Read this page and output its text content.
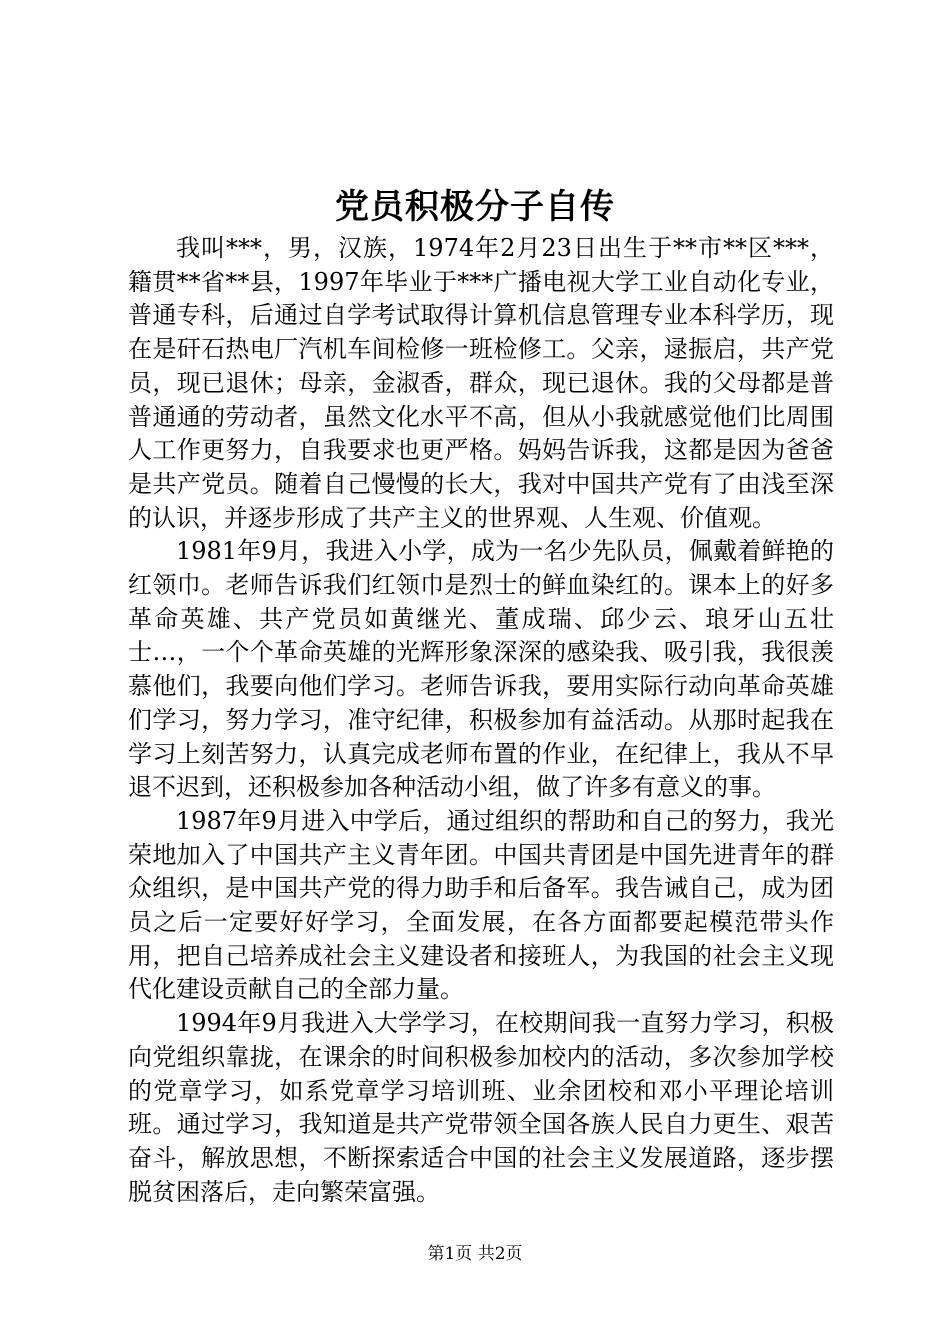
党员积极分子自传

我叫***，男，汉族，1974年2月23日出生于**市**区***，籍贯**省**县，1997年毕业于***广播电视大学工业自动化专业，普通专科，后通过自学考试取得计算机信息管理专业本科学历，现在是矸石热电厂汽机车间检修一班检修工。父亲，逯振启，共产党员，现已退休；母亲，金淑香，群众，现已退休。我的父母都是普普通通的劳动者，虽然文化水平不高，但从小我就感觉他们比周围人工作更努力，自我要求也更严格。妈妈告诉我，这都是因为爸爸是共产党员。随着自己慢慢的长大，我对中国共产党有了由浅至深的认识，并逐步形成了共产主义的世界观、人生观、价值观。

1981年9月，我进入小学，成为一名少先队员，佩戴着鲜艳的红领巾。老师告诉我们红领巾是烈士的鲜血染红的。课本上的好多革命英雄、共产党员如黄继光、董成瑞、邱少云、琅牙山五壮士…，一个个革命英雄的光辉形象深深的感染我、吸引我，我很羡慕他们，我要向他们学习。老师告诉我，要用实际行动向革命英雄们学习，努力学习，准守纪律，积极参加有益活动。从那时起我在学习上刻苦努力，认真完成老师布置的作业，在纪律上，我从不早退不迟到，还积极参加各种活动小组，做了许多有意义的事。

1987年9月进入中学后，通过组织的帮助和自己的努力，我光荣地加入了中国共产主义青年团。中国共青团是中国先进青年的群众组织，是中国共产党的得力助手和后备军。我告诫自己，成为团员之后一定要好好学习，全面发展，在各方面都要起模范带头作用，把自己培养成社会主义建设者和接班人，为我国的社会主义现代化建设贡献自己的全部力量。

1994年9月我进入大学学习，在校期间我一直努力学习，积极向党组织靠拢，在课余的时间积极参加校内的活动，多次参加学校的党章学习，如系党章学习培训班、业余团校和邓小平理论培训班。通过学习，我知道是共产党带领全国各族人民自力更生、艰苦奋斗，解放思想，不断探索适合中国的社会主义发展道路，逐步摆脱贫困落后，走向繁荣富强。

第1页 共2页
